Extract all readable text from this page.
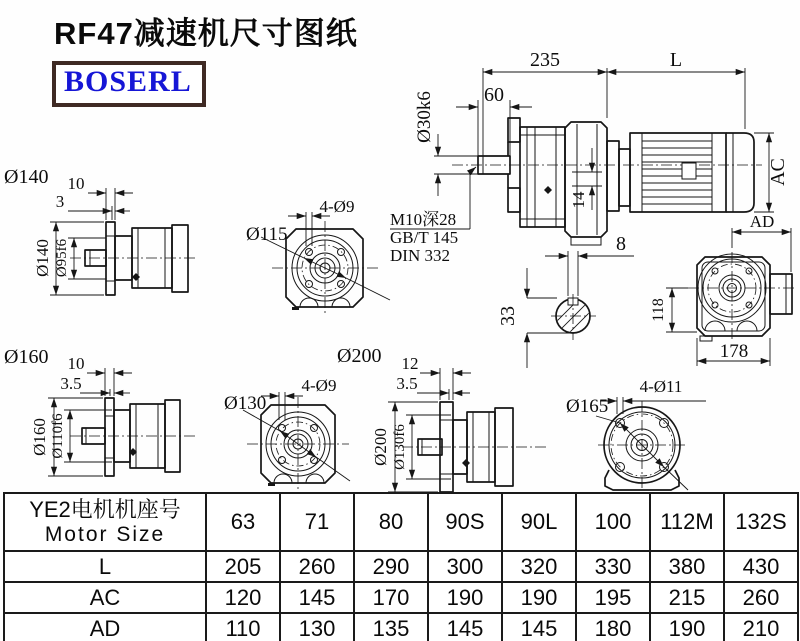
RF47减速机尺寸图纸
BOSERL
Ø140 10
3
Ø140 Ø95f6
4-Ø9
Ø115
235	L
60
Ø30k6
M10深28
GB/T 145
DIN 332
14
AC
8
33
AD
118
178
Ø160 10
3.5
Ø160 Ø110f6
4-Ø9
Ø130
Ø200 12
3.5
Ø200 Ø130f6
4-Ø11
Ø165
YE2电机机座号
Motor Size	63	71	80	90S	90L	100	112M	132S
L	205	260	290	300	320	330	380	430
AC	120	145	170	190	190	195	215	260
AD	110	130	135	145	145	180	190	210
